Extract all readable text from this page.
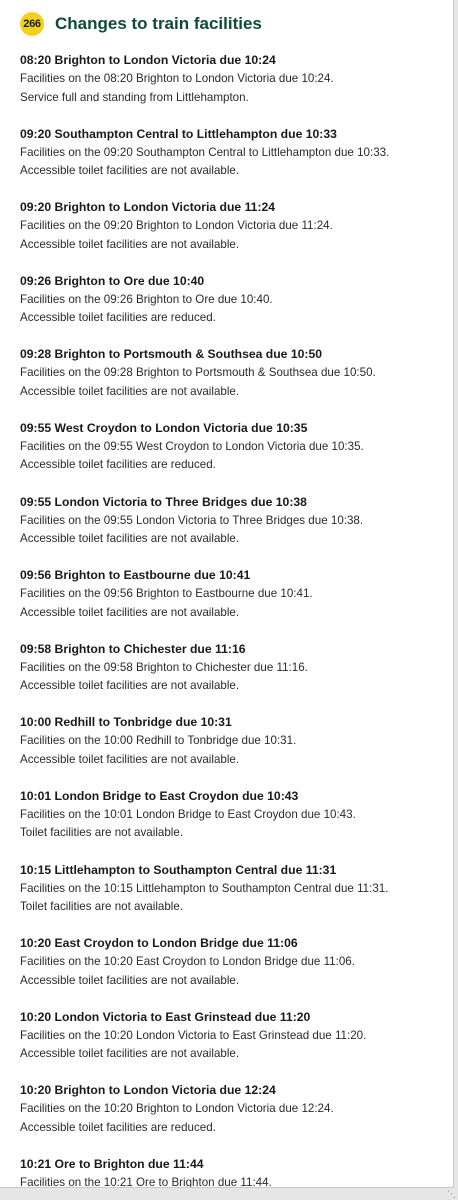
266 Changes to train facilities
08:20 Brighton to London Victoria due 10:24
Facilities on the 08:20 Brighton to London Victoria due 10:24.
Service full and standing from Littlehampton.
09:20 Southampton Central to Littlehampton due 10:33
Facilities on the 09:20 Southampton Central to Littlehampton due 10:33.
Accessible toilet facilities are not available.
09:20 Brighton to London Victoria due 11:24
Facilities on the 09:20 Brighton to London Victoria due 11:24.
Accessible toilet facilities are not available.
09:26 Brighton to Ore due 10:40
Facilities on the 09:26 Brighton to Ore due 10:40.
Accessible toilet facilities are reduced.
09:28 Brighton to Portsmouth & Southsea due 10:50
Facilities on the 09:28 Brighton to Portsmouth & Southsea due 10:50.
Accessible toilet facilities are not available.
09:55 West Croydon to London Victoria due 10:35
Facilities on the 09:55 West Croydon to London Victoria due 10:35.
Accessible toilet facilities are reduced.
09:55 London Victoria to Three Bridges due 10:38
Facilities on the 09:55 London Victoria to Three Bridges due 10:38.
Accessible toilet facilities are not available.
09:56 Brighton to Eastbourne due 10:41
Facilities on the 09:56 Brighton to Eastbourne due 10:41.
Accessible toilet facilities are not available.
09:58 Brighton to Chichester due 11:16
Facilities on the 09:58 Brighton to Chichester due 11:16.
Accessible toilet facilities are not available.
10:00 Redhill to Tonbridge due 10:31
Facilities on the 10:00 Redhill to Tonbridge due 10:31.
Accessible toilet facilities are not available.
10:01 London Bridge to East Croydon due 10:43
Facilities on the 10:01 London Bridge to East Croydon due 10:43.
Toilet facilities are not available.
10:15 Littlehampton to Southampton Central due 11:31
Facilities on the 10:15 Littlehampton to Southampton Central due 11:31.
Toilet facilities are not available.
10:20 East Croydon to London Bridge due 11:06
Facilities on the 10:20 East Croydon to London Bridge due 11:06.
Accessible toilet facilities are not available.
10:20 London Victoria to East Grinstead due 11:20
Facilities on the 10:20 London Victoria to East Grinstead due 11:20.
Accessible toilet facilities are not available.
10:20 Brighton to London Victoria due 12:24
Facilities on the 10:20 Brighton to London Victoria due 12:24.
Accessible toilet facilities are reduced.
10:21 Ore to Brighton due 11:44
Facilities on the 10:21 Ore to Brighton due 11:44.
⋱
